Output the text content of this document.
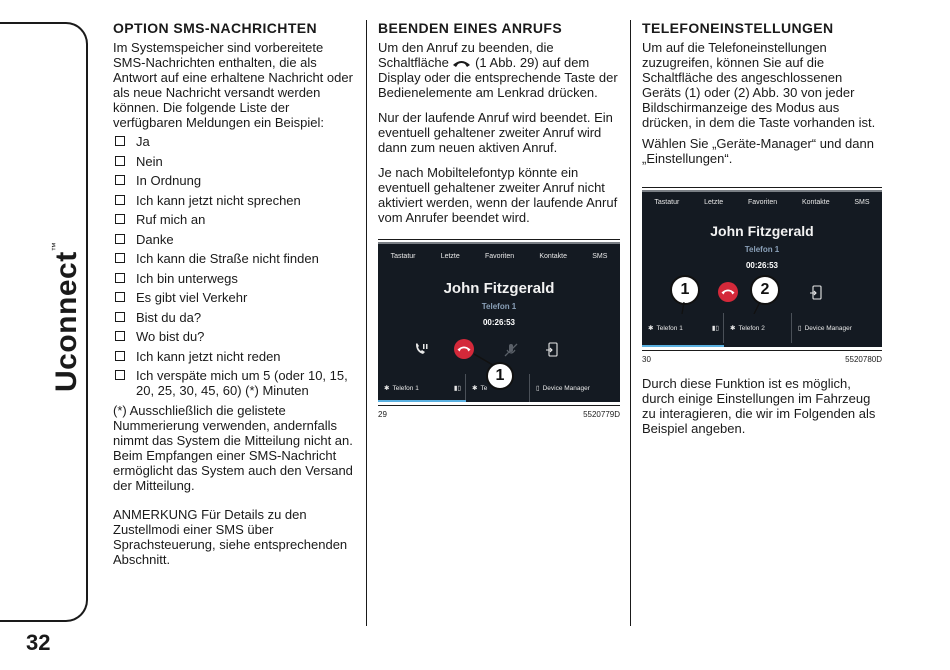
Uconnect™
32
OPTION SMS-NACHRICHTEN

Im Systemspeicher sind vorbereitete SMS-Nachrichten enthalten, die als Antwort auf eine erhaltene Nachricht oder als neue Nachricht versandt werden können. Die folgende Liste der verfügbaren Meldungen ein Beispiel:

Ja
Nein
In Ordnung
Ich kann jetzt nicht sprechen
Ruf mich an
Danke
Ich kann die Straße nicht finden
Ich bin unterwegs
Es gibt viel Verkehr
Bist du da?
Wo bist du?
Ich kann jetzt nicht reden
Ich verspäte mich um 5 (oder 10, 15, 20, 25, 30, 45, 60) (*) Minuten

(*) Ausschließlich die gelistete Nummerierung verwenden, andernfalls nimmt das System die Mitteilung nicht an. Beim Empfangen einer SMS-Nachricht ermöglicht das System auch den Versand der Mitteilung.

ANMERKUNG Für Details zu den Zustellmodi einer SMS über Sprachsteuerung, siehe entsprechenden Abschnitt.

BEENDEN EINES ANRUFS

Um den Anruf zu beenden, die Schaltfläche (1 Abb. 29) auf dem Display oder die entsprechende Taste der Bedienelemente am Lenkrad drücken.

Nur der laufende Anruf wird beendet. Ein eventuell gehaltener zweiter Anruf wird dann zum neuen aktiven Anruf.

Je nach Mobiltelefontyp könnte ein eventuell gehaltener zweiter Anruf nicht aktiviert werden, wenn der laufende Anruf vom Anrufer beendet wird.

Tastatur	Letzte	Favoriten	Kontakte	SMS
John Fitzgerald
Telefon 1
00:26:53
✱ Telefon 1	▮▯ ✱ Te	▯ Device Manager
1
29	5520779D
TELEFONEINSTELLUNGEN

Um auf die Telefoneinstellungen zuzugreifen, können Sie auf die Schaltfläche des angeschlossenen Geräts (1) oder (2) Abb. 30 von jeder Bildschirmanzeige des Modus aus drücken, in dem die Taste vorhanden ist.

Wählen Sie „Geräte-Manager“ und dann „Einstellungen“.

Tastatur	Letzte	Favoriten	Kontakte	SMS
John Fitzgerald
Telefon 1
00:26:53
1	2
✱ Telefon 1	▮▯ ✱ Telefon 2	▯ Device Manager
30	5520780D

Durch diese Funktion ist es möglich, durch einige Einstellungen im Fahrzeug zu interagieren, die wir im Folgenden als Beispiel angeben.
